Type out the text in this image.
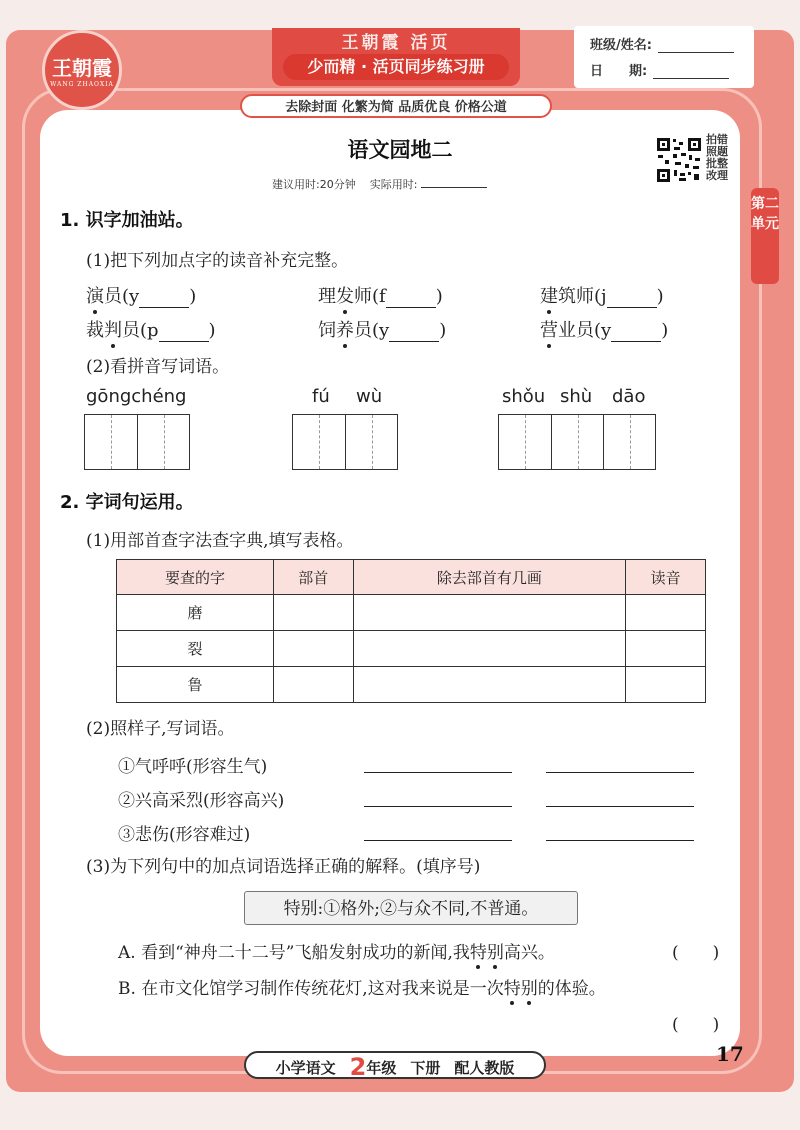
王朝霞
WANG ZHAOXIA
王朝霞 活页
少而精 · 活页同步练习册
去除封面 化繁为简 品质优良 价格公道
班级/姓名:
日　　期:
语文园地二
建议用时:20分钟 实际用时:
拍错照题批整改理
第二单元
1. 识字加油站。
(1)把下列加点字的读音补充完整。
演员(y	)	理发师(f	)	建筑师(j	)
裁判员(p	)	饲养员(y	)	营业员(y	)
(2)看拼音写词语。
gōngchéng	fú wù	shǒu shù dāo
2. 字词句运用。
(1)用部首查字法查字典,填写表格。
要查的字	部首	除去部首有几画	读音
磨			
裂			
鲁			
(2)照样子,写词语。
①气呼呼(形容生气)
②兴高采烈(形容高兴)
③悲伤(形容难过)
(3)为下列句中的加点词语选择正确的解释。(填序号)
特别:①格外;②与众不同,不普通。
A. 看到“神舟二十二号”飞船发射成功的新闻,我特别高兴。	(　　)
B. 在市文化馆学习制作传统花灯,这对我来说是一次特别的体验。
(　　)
小学语文 2年级 下册 配人教版
17
